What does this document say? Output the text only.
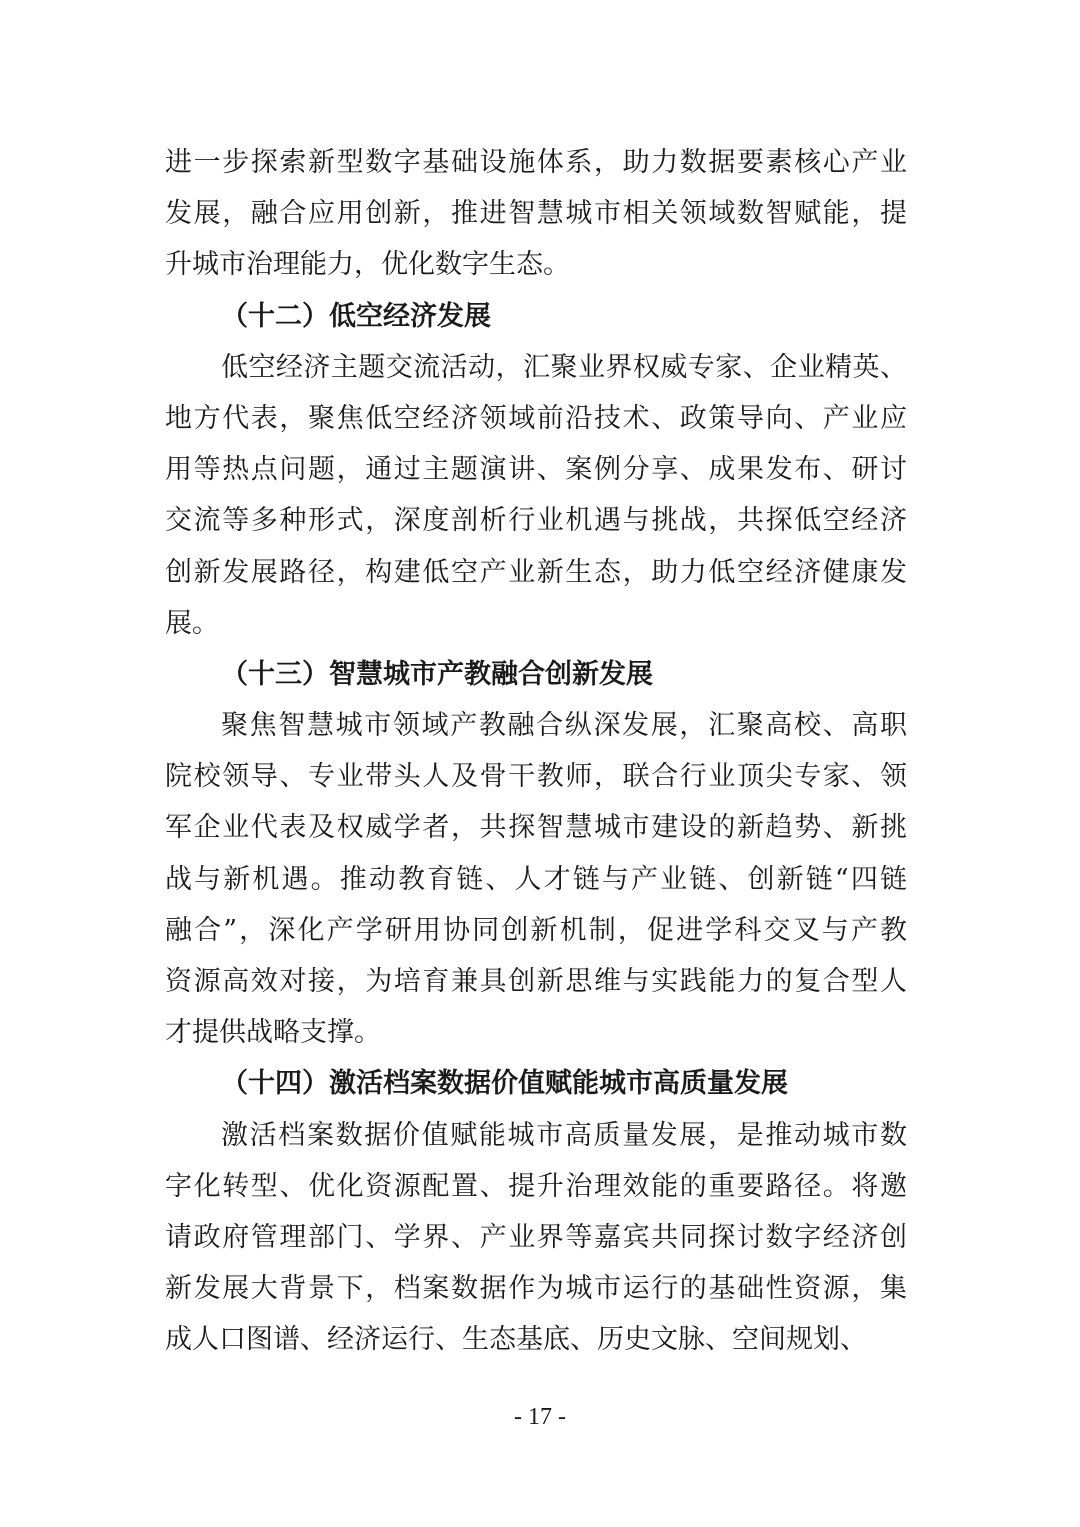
进一步探索新型数字基础设施体系，助力数据要素核心产业
发展，融合应用创新，推进智慧城市相关领域数智赋能，提
升城市治理能力，优化数字生态。
（十二）低空经济发展
低空经济主题交流活动，汇聚业界权威专家、企业精英、
地方代表，聚焦低空经济领域前沿技术、政策导向、产业应
用等热点问题，通过主题演讲、案例分享、成果发布、研讨
交流等多种形式，深度剖析行业机遇与挑战，共探低空经济
创新发展路径，构建低空产业新生态，助力低空经济健康发
展。
（十三）智慧城市产教融合创新发展
聚焦智慧城市领域产教融合纵深发展，汇聚高校、高职
院校领导、专业带头人及骨干教师，联合行业顶尖专家、领
军企业代表及权威学者，共探智慧城市建设的新趋势、新挑
战与新机遇。推动教育链、人才链与产业链、创新链“四链
融合”，深化产学研用协同创新机制，促进学科交叉与产教
资源高效对接，为培育兼具创新思维与实践能力的复合型人
才提供战略支撑。
（十四）激活档案数据价值赋能城市高质量发展
激活档案数据价值赋能城市高质量发展，是推动城市数
字化转型、优化资源配置、提升治理效能的重要路径。将邀
请政府管理部门、学界、产业界等嘉宾共同探讨数字经济创
新发展大背景下，档案数据作为城市运行的基础性资源，集
成人口图谱、经济运行、生态基底、历史文脉、空间规划、
- 17 -
